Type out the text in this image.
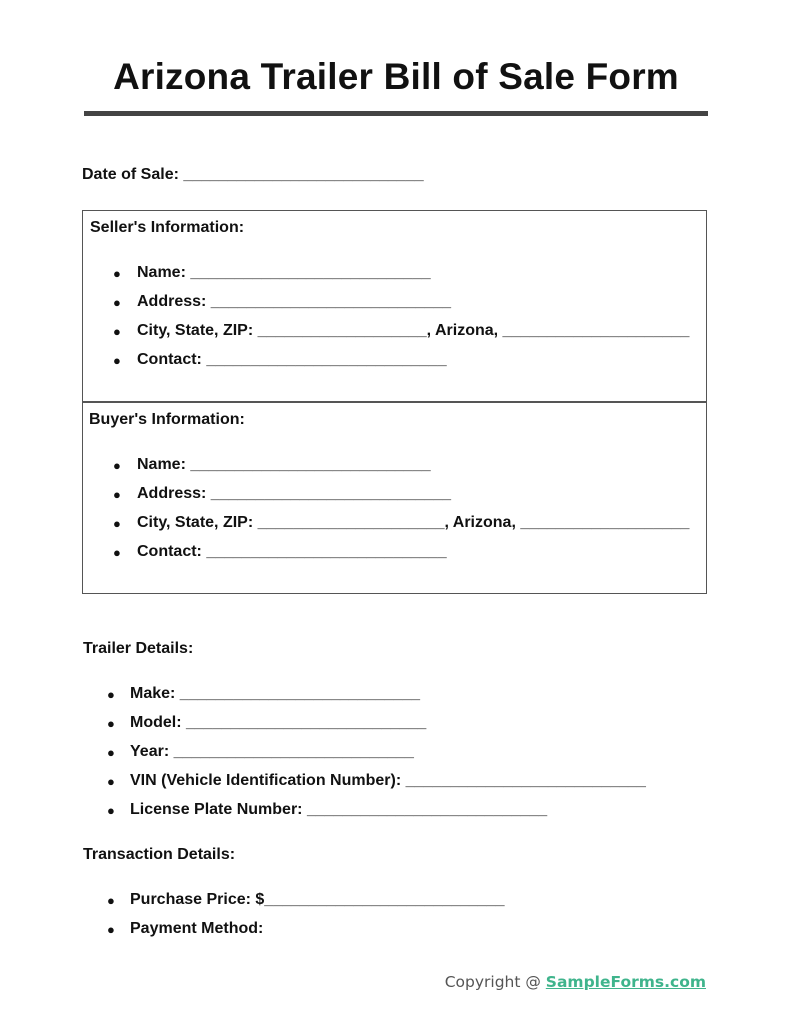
Arizona Trailer Bill of Sale Form
Date of Sale: ___________________________
Seller's Information:
● Name: ___________________________
● Address: ___________________________
● City, State, ZIP: ___________________, Arizona, _____________________
● Contact: ___________________________
Buyer's Information:
● Name: ___________________________
● Address: ___________________________
● City, State, ZIP: _____________________, Arizona, ___________________
● Contact: ___________________________
Trailer Details:
● Make: ___________________________
● Model: ___________________________
● Year: ___________________________
● VIN (Vehicle Identification Number): ___________________________
● License Plate Number: ___________________________
Transaction Details:
● Purchase Price: $___________________________
● Payment Method:
Copyright @ SampleForms.com
